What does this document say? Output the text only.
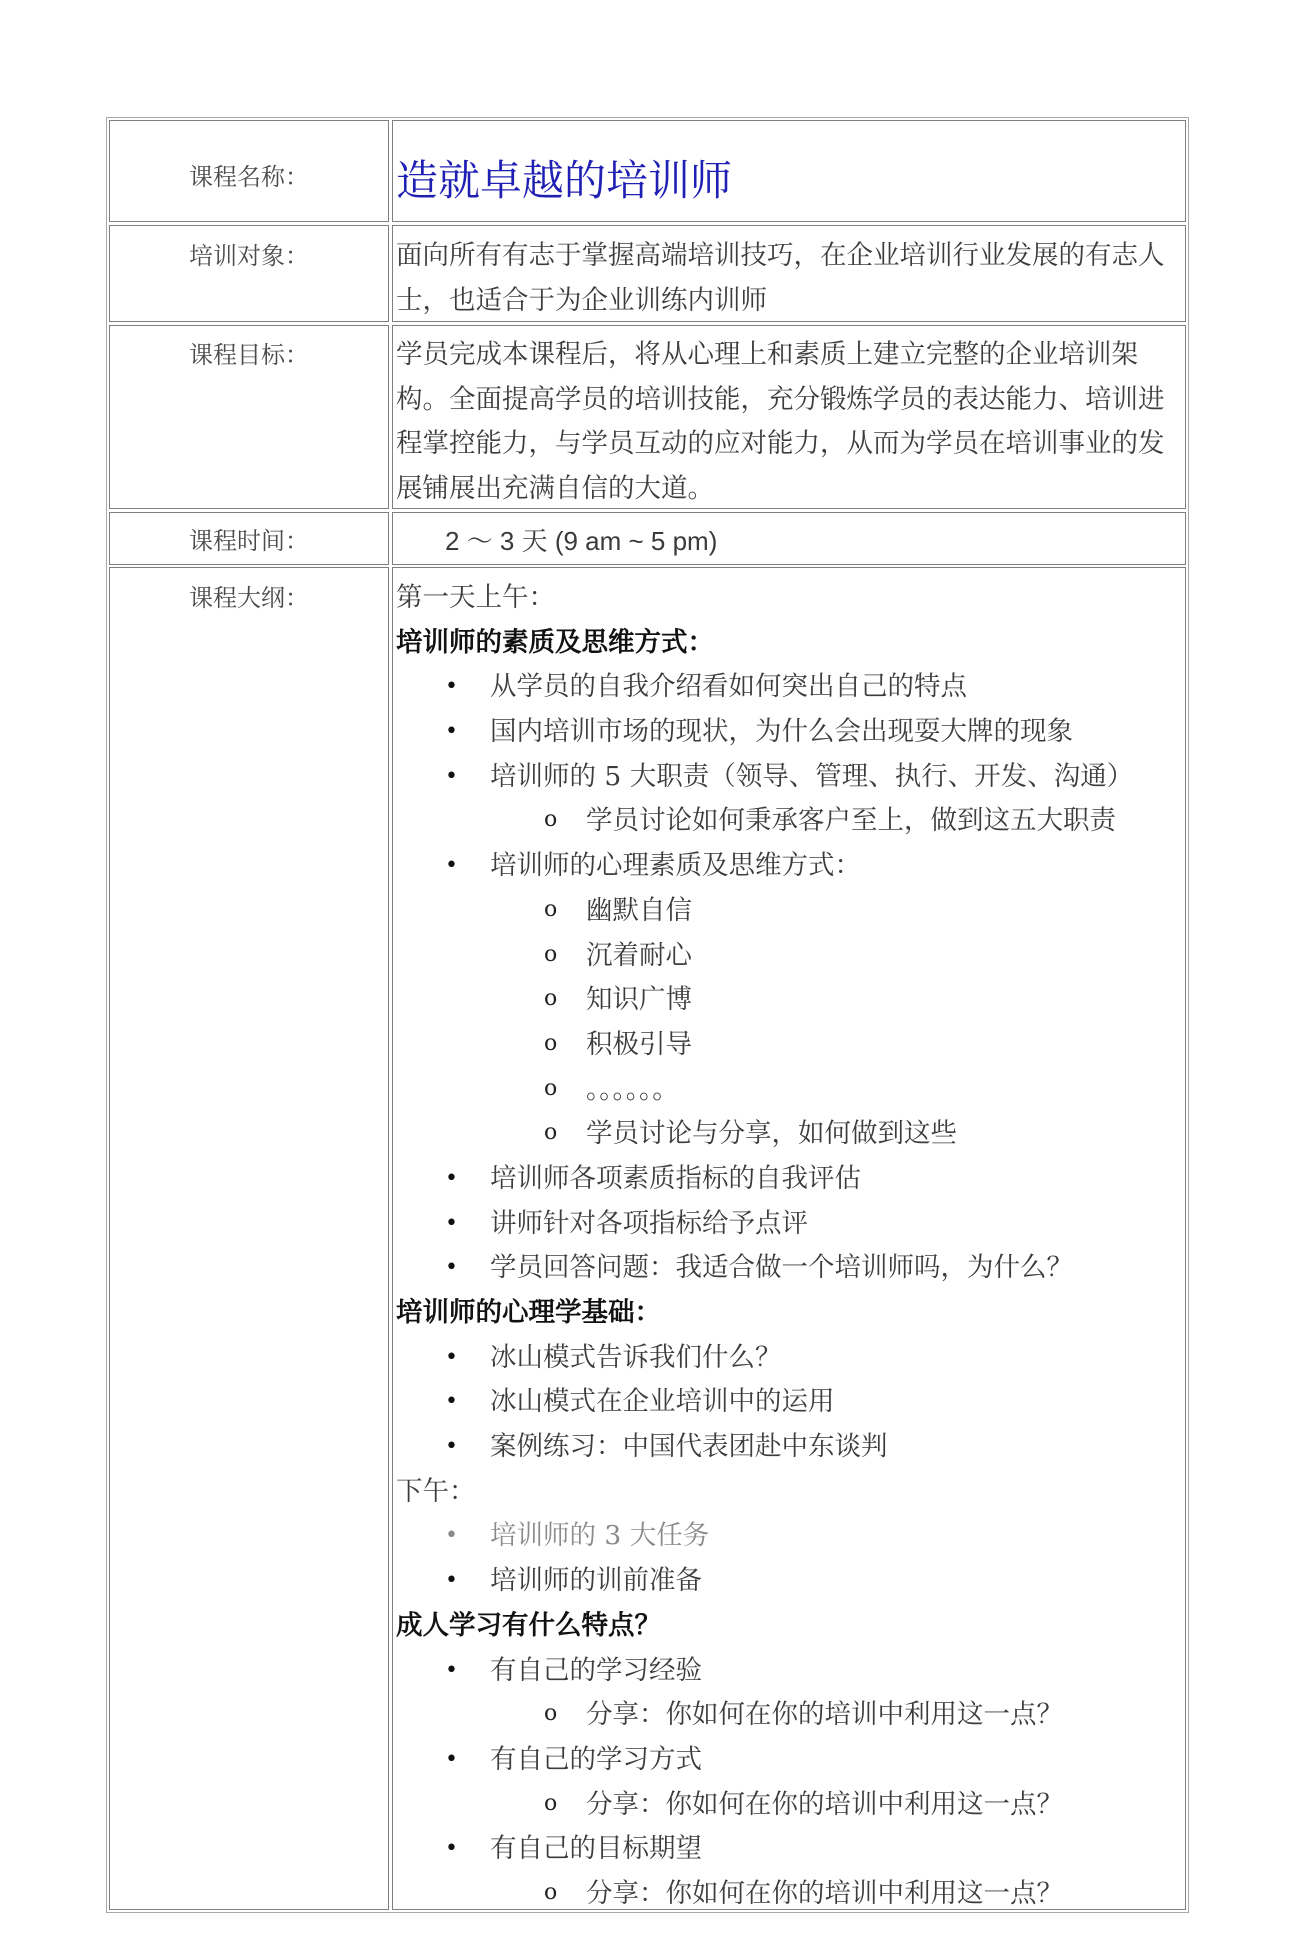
课程名称：	造就卓越的培训师
培训对象：	面向所有有志于掌握高端培训技巧，在企业培训行业发展的有志人
士，也适合于为企业训练内训师
课程目标：	学员完成本课程后，将从心理上和素质上建立完整的企业培训架
构。全面提高学员的培训技能，充分锻炼学员的表达能力、培训进
程掌控能力，与学员互动的应对能力，从而为学员在培训事业的发
展铺展出充满自信的大道。
课程时间：	2 ～ 3 天 (9 am ~ 5 pm)
课程大纲：	第一天上午：
培训师的素质及思维方式：
• 从学员的自我介绍看如何突出自己的特点
• 国内培训市场的现状，为什么会出现耍大牌的现象
• 培训师的 5 大职责（领导、管理、执行、开发、沟通）
o 学员讨论如何秉承客户至上，做到这五大职责
• 培训师的心理素质及思维方式：
o 幽默自信
o 沉着耐心
o 知识广博
o 积极引导
o 。。。。。。
o 学员讨论与分享，如何做到这些
• 培训师各项素质指标的自我评估
• 讲师针对各项指标给予点评
• 学员回答问题：我适合做一个培训师吗，为什么？
培训师的心理学基础：
• 冰山模式告诉我们什么？
• 冰山模式在企业培训中的运用
• 案例练习：中国代表团赴中东谈判
下午：
• 培训师的 3 大任务
• 培训师的训前准备
成人学习有什么特点？
• 有自己的学习经验
o 分享：你如何在你的培训中利用这一点？
• 有自己的学习方式
o 分享：你如何在你的培训中利用这一点？
• 有自己的目标期望
o 分享：你如何在你的培训中利用这一点？
